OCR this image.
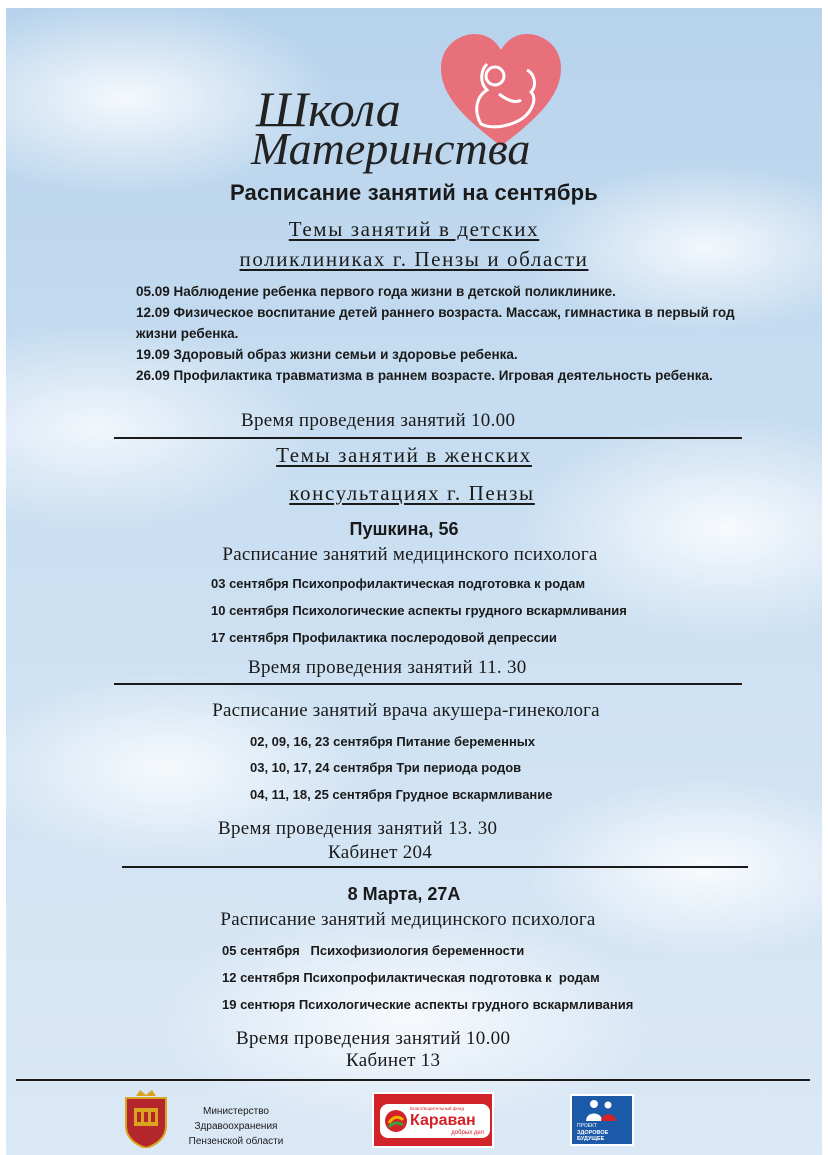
Школа
Материнства
Расписание занятий на сентябрь
Темы занятий в детских
поликлиниках г. Пензы и области
05.09 Наблюдение ребенка первого года жизни в детской поликлинике.
12.09 Физическое воспитание детей раннего возраста. Массаж, гимнастика в первый год жизни ребенка.
19.09 Здоровый образ жизни семьи и здоровье ребенка.
26.09 Профилактика травматизма в раннем возрасте. Игровая деятельность ребенка.
Время проведения занятий 10.00
Темы занятий в женских
консультациях г. Пензы
Пушкина, 56
Расписание занятий медицинского психолога
03 сентября Психопрофилактическая подготовка к родам
10 сентября Психологические аспекты грудного вскармливания
17 сентября Профилактика послеродовой депрессии
Время проведения занятий 11. 30
Расписание занятий врача акушера-гинеколога
02, 09, 16, 23 сентября Питание беременных
03, 10, 17, 24 сентября Три периода родов
04, 11, 18, 25 сентября Грудное вскармливание
Время проведения занятий 13. 30
Кабинет 204
8 Марта, 27А
Расписание занятий медицинского психолога
05 сентября   Психофизиология беременности
12 сентября Психопрофилактическая подготовка к  родам
19 сентюря Психологические аспекты грудного вскармливания
Время проведения занятий 10.00
Кабинет 13
Министерство
Здравоохранения
Пензенской области
Благотворительный фонд
Караван
добрых дел
ПРОЕКТ
ЗДОРОВОЕ БУДУЩЕЕ
